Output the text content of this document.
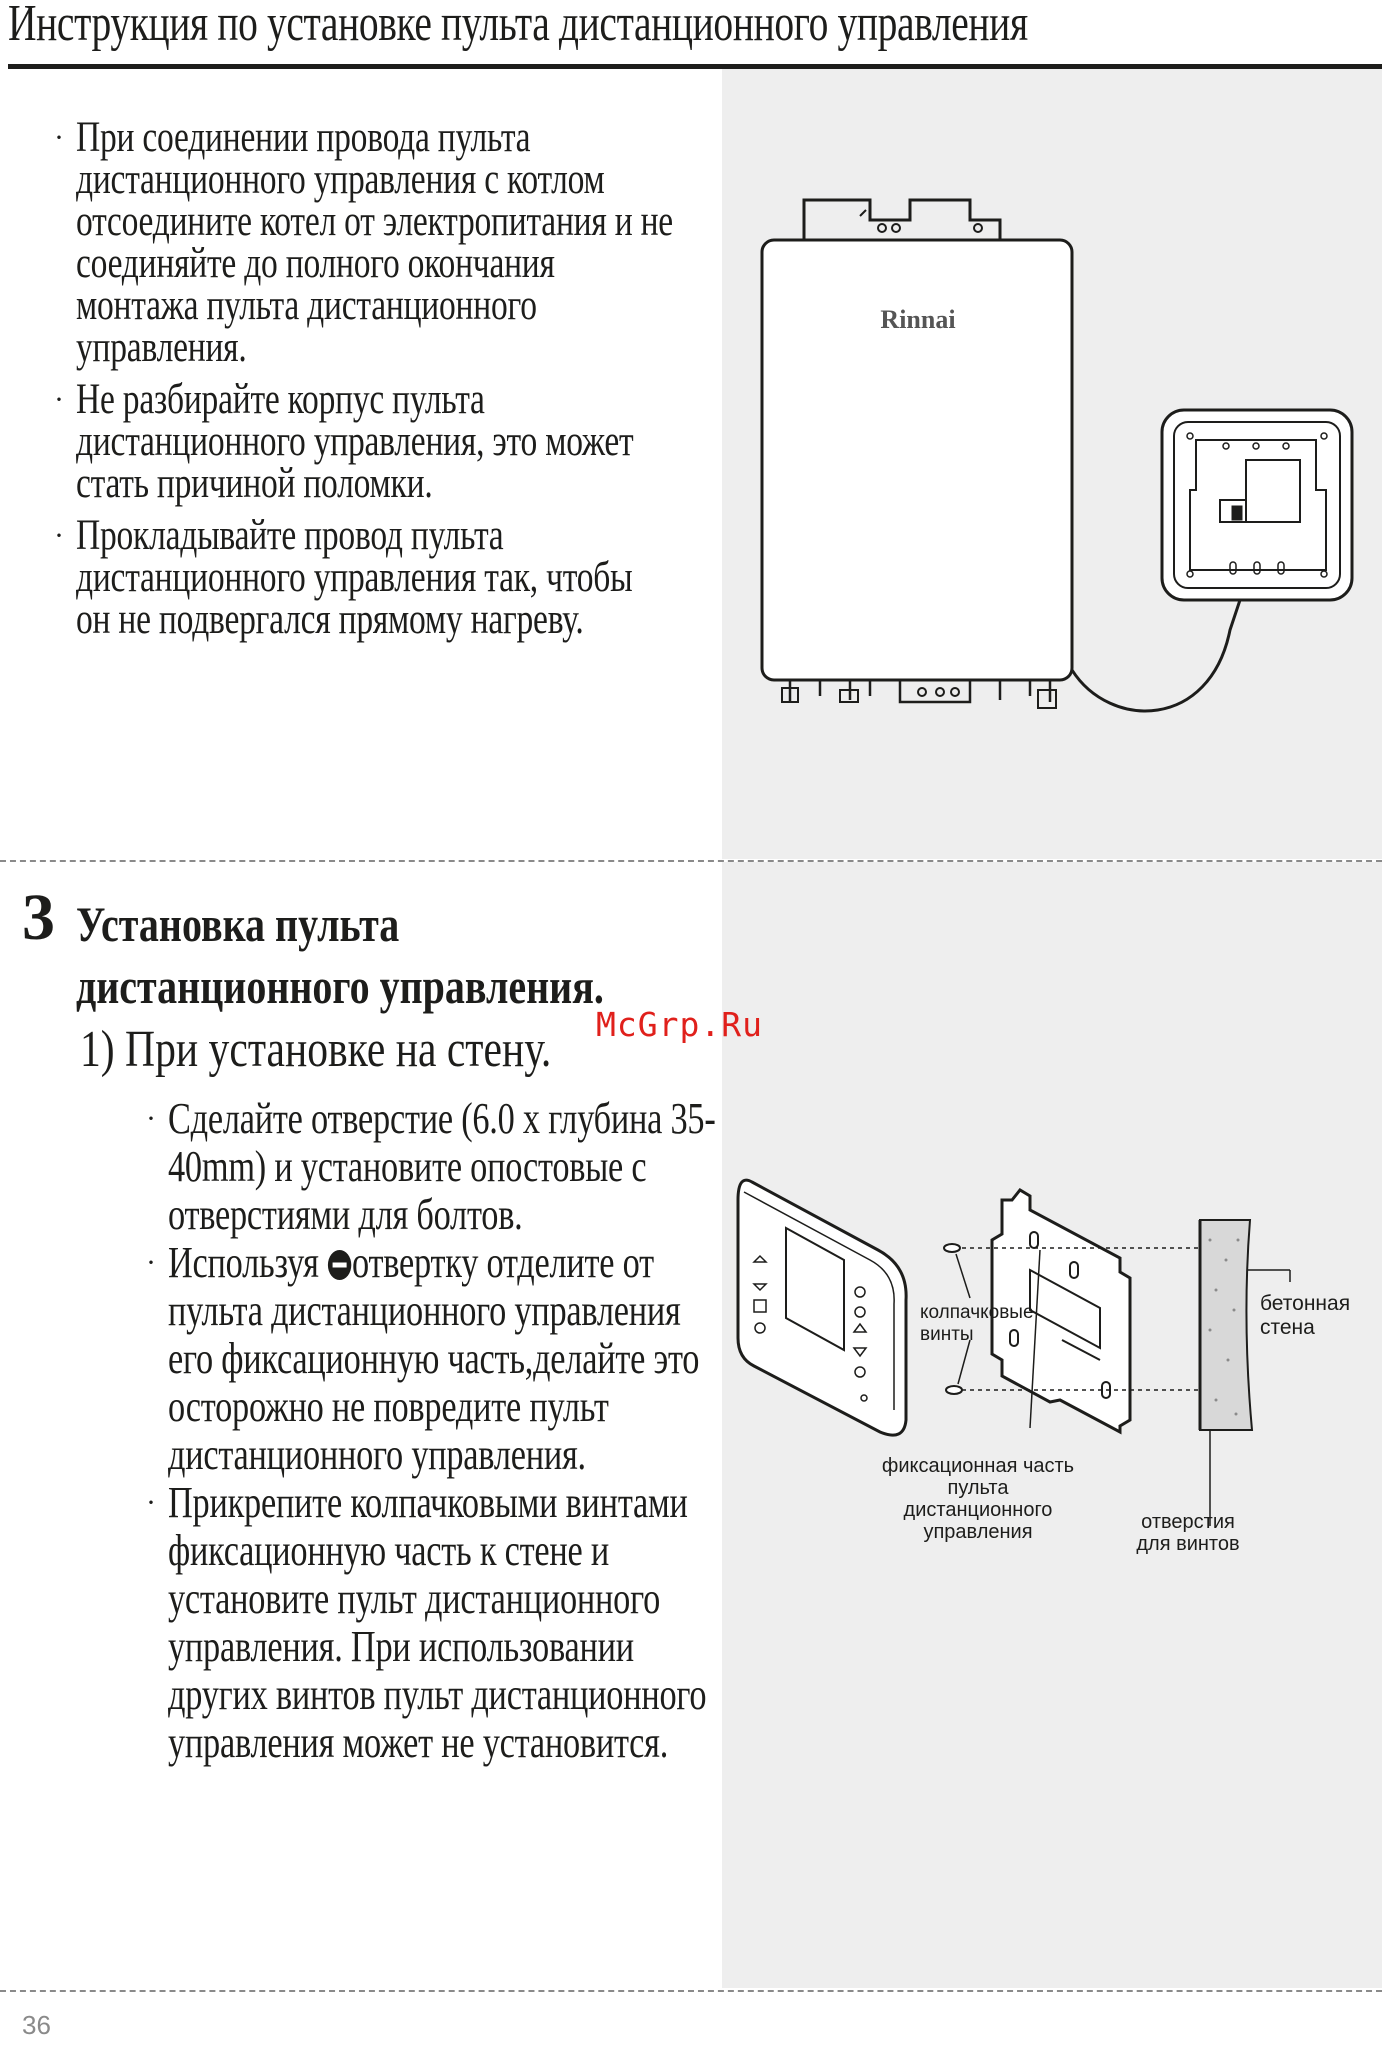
Инструкция по установке пульта дистанционного управления
· При соединении провода пульта дистанционного управления с котлом отсоедините котел от электропитания и не соединяйте до полного окончания монтажа пульта дистанционного управления.
· Не разбирайте корпус пульта дистанционного управления, это может стать причиной поломки.
· Прокладывайте провод пульта дистанционного управления так, чтобы он не подвергался прямому нагреву.
Rinnai
3 Установка пульта дистанционного управления.
1) При установке на стену. McGrp.Ru
· Сделайте отверстие (6.0 х глубина 35-40mm) и установите опостовые с отверстиями для болтов.
· Используя отвертку отделите от пульта дистанционного управления его фиксационную часть,делайте это осторожно не повредите пульт дистанционного управления.
· Прикрепите колпачковыми винтами фиксационную часть к стене и установите пульт дистанционного управления. При использовании других винтов пульт дистанционного управления может не установится.
колпачковые винты
бетонная стена
фиксационная часть пульта дистанционного управления	отверстия для винтов
36
